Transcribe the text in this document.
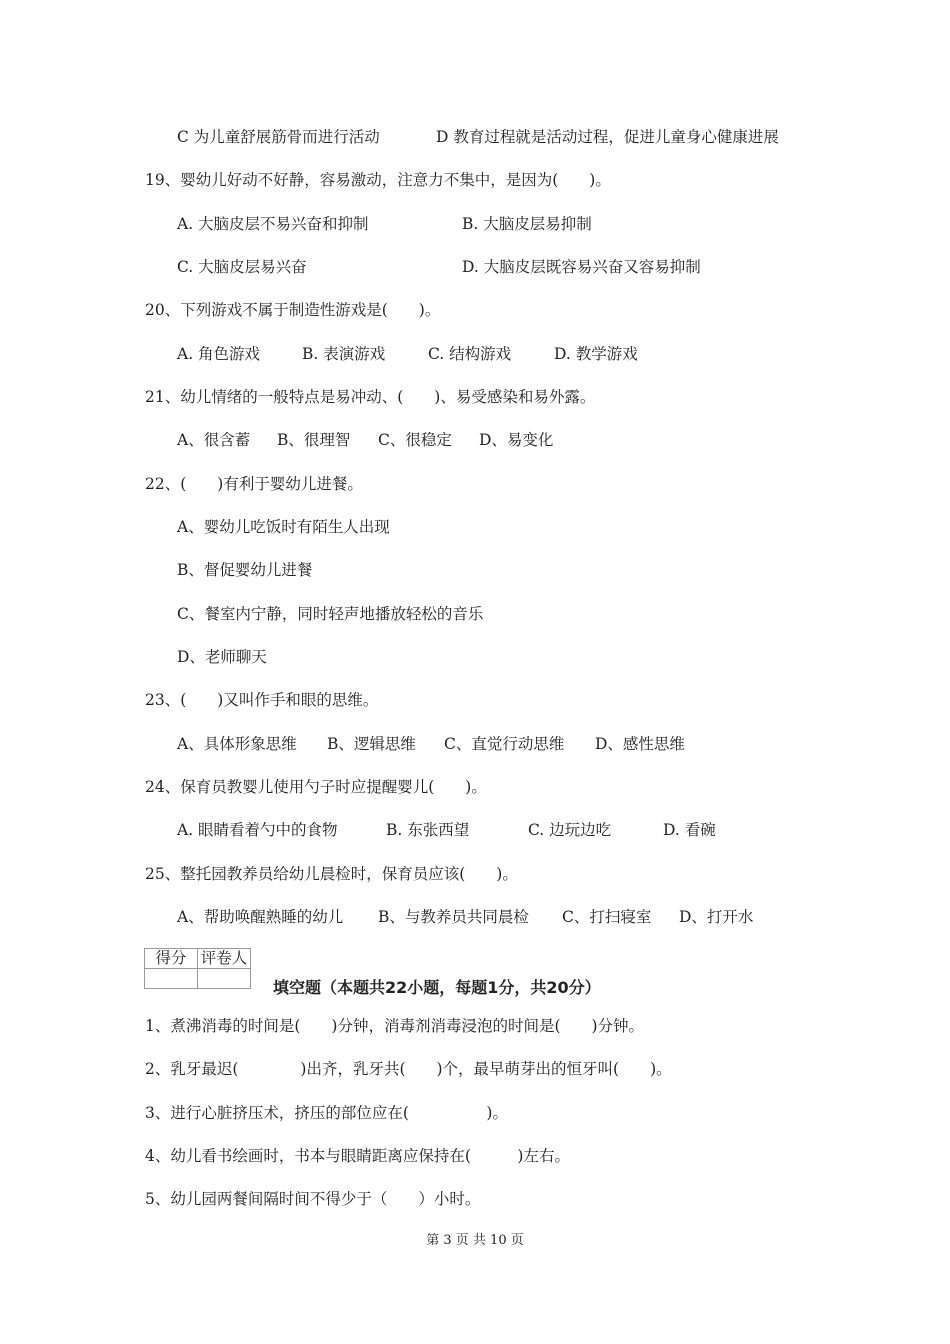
C 为儿童舒展筋骨而进行活动	D 教育过程就是活动过程，促进儿童身心健康进展
19、婴幼儿好动不好静，容易激动，注意力不集中，是因为(　　)。
A. 大脑皮层不易兴奋和抑制	B. 大脑皮层易抑制
C. 大脑皮层易兴奋	D. 大脑皮层既容易兴奋又容易抑制
20、下列游戏不属于制造性游戏是(　　)。
A. 角色游戏	B. 表演游戏	C. 结构游戏	D. 教学游戏
21、幼儿情绪的一般特点是易冲动、(　　)、易受感染和易外露。
A、很含蓄 B、很理智 C、很稳定 D、易变化
22、(　　)有利于婴幼儿进餐。
A、婴幼儿吃饭时有陌生人出现
B、督促婴幼儿进餐
C、餐室内宁静，同时轻声地播放轻松的音乐
D、老师聊天
23、(　　)又叫作手和眼的思维。
A、具体形象思维 B、逻辑思维 C、直觉行动思维 D、感性思维
24、保育员教婴儿使用勺子时应提醒婴儿(　　)。
A. 眼睛看着勺中的食物	B. 东张西望	C. 边玩边吃	D. 看碗
25、整托园教养员给幼儿晨检时，保育员应该(　　)。
A、帮助唤醒熟睡的幼儿 B、与教养员共同晨检 C、打扫寝室 D、打开水
得分	评卷人

填空题（本题共22小题，每题1分，共20分）
1、煮沸消毒的时间是(　　)分钟，消毒剂消毒浸泡的时间是(　　)分钟。
2、乳牙最迟(　　　　)出齐，乳牙共(　　)个，最早萌芽出的恒牙叫(　　)。
3、进行心脏挤压术，挤压的部位应在(　　　　　)。
4、幼儿看书绘画时，书本与眼睛距离应保持在(　　　)左右。
5、幼儿园两餐间隔时间不得少于（　　）小时。
第 3 页 共 10 页
